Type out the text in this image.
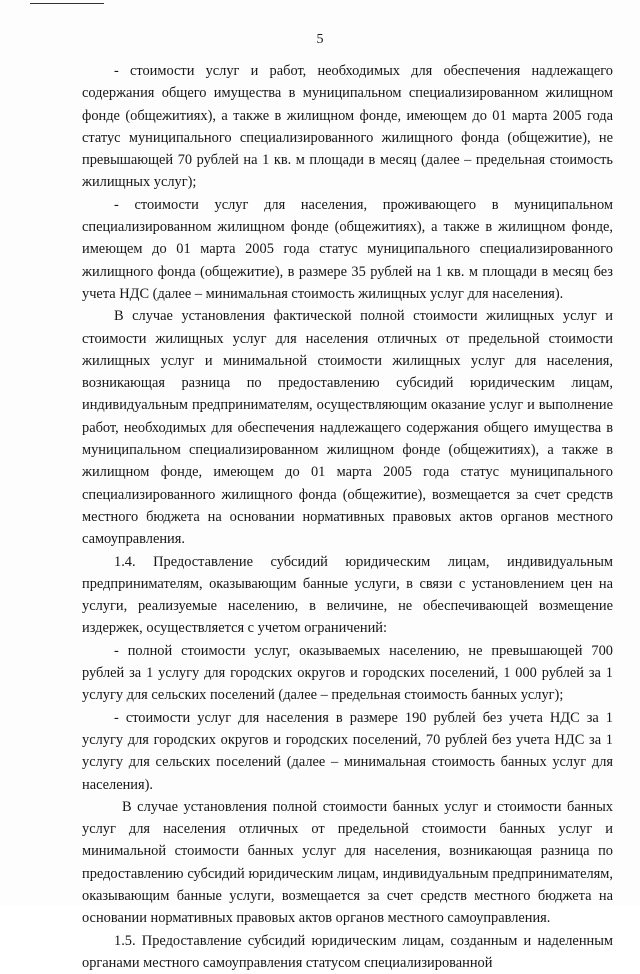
5

- стоимости услуг и работ, необходимых для обеспечения надлежащего содержания общего имущества в муниципальном специализированном жилищном фонде (общежитиях), а также в жилищном фонде, имеющем до 01 марта 2005 года статус муниципального специализированного жилищного фонда (общежитие), не превышающей 70 рублей на 1 кв. м площади в месяц (далее – предельная стоимость жилищных услуг);

- стоимости услуг для населения, проживающего в муниципальном специализированном жилищном фонде (общежитиях), а также в жилищном фонде, имеющем до 01 марта 2005 года статус муниципального специализированного жилищного фонда (общежитие), в размере 35 рублей на 1 кв. м площади в месяц без учета НДС (далее – минимальная стоимость жилищных услуг для населения).

В случае установления фактической полной стоимости жилищных услуг и стоимости жилищных услуг для населения отличных от предельной стоимости жилищных услуг и минимальной стоимости жилищных услуг для населения, возникающая разница по предоставлению субсидий юридическим лицам, индивидуальным предпринимателям, осуществляющим оказание услуг и выполнение работ, необходимых для обеспечения надлежащего содержания общего имущества в муниципальном специализированном жилищном фонде (общежитиях), а также в жилищном фонде, имеющем до 01 марта 2005 года статус муниципального специализированного жилищного фонда (общежитие), возмещается за счет средств местного бюджета на основании нормативных правовых актов органов местного самоуправления.

1.4. Предоставление субсидий юридическим лицам, индивидуальным предпринимателям, оказывающим банные услуги, в связи с установлением цен на услуги, реализуемые населению, в величине, не обеспечивающей возмещение издержек, осуществляется с учетом ограничений:

- полной стоимости услуг, оказываемых населению, не превышающей 700 рублей за 1 услугу для городских округов и городских поселений, 1 000 рублей за 1 услугу для сельских поселений (далее – предельная стоимость банных услуг);

- стоимости услуг для населения в размере 190 рублей без учета НДС за 1 услугу для городских округов и городских поселений, 70 рублей без учета НДС за 1 услугу для сельских поселений (далее – минимальная стоимость банных услуг для населения).

В случае установления полной стоимости банных услуг и стоимости банных услуг для населения отличных от предельной стоимости банных услуг и минимальной стоимости банных услуг для населения, возникающая разница по предоставлению субсидий юридическим лицам, индивидуальным предпринимателям, оказывающим банные услуги, возмещается за счет средств местного бюджета на основании нормативных правовых актов органов местного самоуправления.

1.5. Предоставление субсидий юридическим лицам, созданным и наделенным органами местного самоуправления статусом специализированной
